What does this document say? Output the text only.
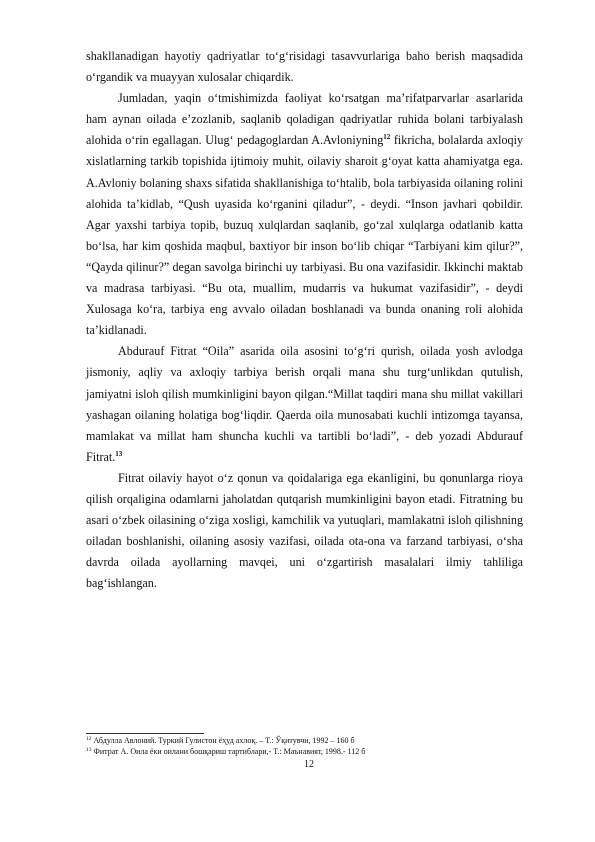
shakllanadigan hayotiy qadriyatlar to‘g‘risidagi tasavvurlariga baho berish maqsadida o‘rgandik va muayyan xulosalar chiqardik.

Jumladan, yaqin o‘tmishimizda faoliyat ko‘rsatgan ma’rifatparvarlar asarlarida ham aynan oilada e’zozlanib, saqlanib qoladigan qadriyatlar ruhida bolani tarbiyalash alohida o‘rin egallagan. Ulug‘ pedagoglardan A.Avloniyning$^{12}$ fikricha, bolalarda axloqiy xislatlarning tarkib topishida ijtimoiy muhit, oilaviy sharoit g‘oyat katta ahamiyatga ega. A.Avloniy bolaning shaxs sifatida shakllanishiga to‘htalib, bola tarbiyasida oilaning rolini alohida ta’kidlab, “Qush uyasida ko‘rganini qiladur”, - deydi. “Inson javhari qobildir. Agar yaxshi tarbiya topib, buzuq xulqlardan saqlanib, go‘zal xulqlarga odatlanib katta bo‘lsa, har kim qoshida maqbul, baxtiyor bir inson bo‘lib chiqar “Tarbiyani kim qilur?”, “Qayda qilinur?” degan savolga birinchi uy tarbiyasi. Bu ona vazifasidir. Ikkinchi maktab va madrasa tarbiyasi. “Bu ota, muallim, mudarris va hukumat vazifasidir”, - deydi Xulosaga ko‘ra, tarbiya eng avvalo oiladan boshlanadi va bunda onaning roli alohida ta’kidlanadi.

Abdurauf Fitrat “Oila” asarida oila asosini to‘g‘ri qurish, oilada yosh avlodga jismoniy, aqliy va axloqiy tarbiya berish orqali mana shu turg‘unlikdan qutulish, jamiyatni isloh qilish mumkinligini bayon qilgan.“Millat taqdiri mana shu millat vakillari yashagan oilaning holatiga bog‘liqdir. Qaerda oila munosabati kuchli intizomga tayansa, mamlakat va millat ham shuncha kuchli va tartibli bo‘ladi”, - deb yozadi Abdurauf Fitrat.$^{13}$

Fitrat oilaviy hayot o‘z qonun va qoidalariga ega ekanligini, bu qonunlarga rioya qilish orqaligina odamlarni jaholatdan qutqarish mumkinligini bayon etadi. Fitratning bu asari o‘zbek oilasining o‘ziga xosligi, kamchilik va yutuqlari, mamlakatni isloh qilishning oiladan boshlanishi, oilaning asosiy vazifasi, oilada ota-ona va farzand tarbiyasi, o‘sha davrda oilada ayollarning mavqei, uni o‘zgartirish masalalari ilmiy tahliliga bag‘ishlangan.

$^{12}$ Абдулла Авлоний. Туркий Гулистон ёҳуд ахлоқ. – Т.: Ўқитувчи, 1992 – 160 б
$^{13}$ Фитрат А. Оила ёки оилани бошқариш тартиблари,- Т.: Маънавият, 1998.- 112 б
12
